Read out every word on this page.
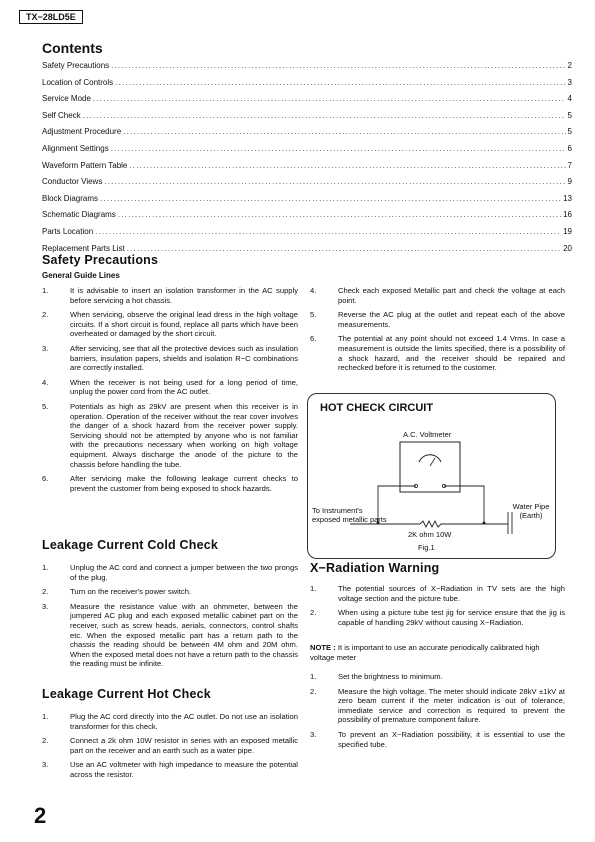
TX−28LD5E
Contents
Safety Precautions .....	2
Location of Controls .....	3
Service Mode .....	4
Self Check .....	5
Adjustment Procedure .....	5
Alignment Settings .....	6
Waveform Pattern Table .....	7
Conductor Views .....	9
Block Diagrams .....	13
Schematic Diagrams .....	16
Parts Location .....	19
Replacement Parts List .....	20
Safety Precautions
General Guide Lines
1.	It is advisable to insert an isolation transformer in the AC supply before servicing a hot chassis.
2.	When servicing, observe the original lead dress in the high voltage circuits. If a short circuit is found, replace all parts which have been overheated or damaged by the short circuit.
3.	After servicing, see that all the protective devices such as insulation barriers, insulation papers, shields and isolation R−C combinations are correctly installed.
4.	When the receiver is not being used for a long period of time, unplug the power cord from the AC outlet.
5.	Potentials as high as 29kV are present when this receiver is in operation. Operation of the receiver without the rear cover involves the danger of a shock hazard from the receiver power supply. Servicing should not be attempted by anyone who is not familiar with the precautions necessary when working on high voltage equipment. Always discharge the anode of the picture to the chassis before handling the tube.
6.	After servicing make the following leakage current checks to prevent the customer from being exposed to shock hazards.
4.	Check each exposed Metallic part and check the voltage at each point.
5.	Reverse the AC plug at the outlet and repeat each of the above measurements.
6.	The potential at any point should not exceed 1.4 Vrms. In case a measurement is outside the limits specified, there is a possibility of a shock hazard, and the receiver should be repaired and rechecked before it is returned to the customer.
HOT CHECK CIRCUIT
A.C. Voltmeter
To Instrument's exposed metallic parts
2K ohm 10W
Water Pipe (Earth)
Fig.1
Leakage Current Cold Check
1.	Unplug the AC cord and connect a jumper between the two prongs of the plug.
2.	Turn on the receiver's power switch.
3.	Measure the resistance value with an ohmmeter, between the jumpered AC plug and each exposed metallic cabinet part on the receiver, such as screw heads, aerials, connectors, control shafts etc. When the exposed metallic part has a return path to the chassis the reading should be between 4M ohm and 20M ohm. When the exposed metal does not have a return path to the chassis the reading must be infinite.
Leakage Current Hot Check
1.	Plug the AC cord directly into the AC outlet. Do not use an isolation transformer for this check.
2.	Connect a 2k ohm 10W resistor in series with an exposed metallic part on the receiver and an earth such as a water pipe.
3.	Use an AC voltmeter with high impedance to measure the potential across the resistor.
X−Radiation Warning
1.	The potential sources of X−Radiation in TV sets are the high voltage section and the picture tube.
2.	When using a picture tube test jig for service ensure that the jig is capable of handling 29kV without causing X−Radiation.
NOTE : It is important to use an accurate periodically calibrated high voltage meter
1.	Set the brightness to minimum.
2.	Measure the high voltage. The meter should indicate 28kV ±1kV at zero beam current if the meter indication is out of tolerance, immediate service and correction is required to prevent the possibility of premature component failure.
3.	To prevent an X−Radiation possibility, it is essential to use the specified tube.
2
